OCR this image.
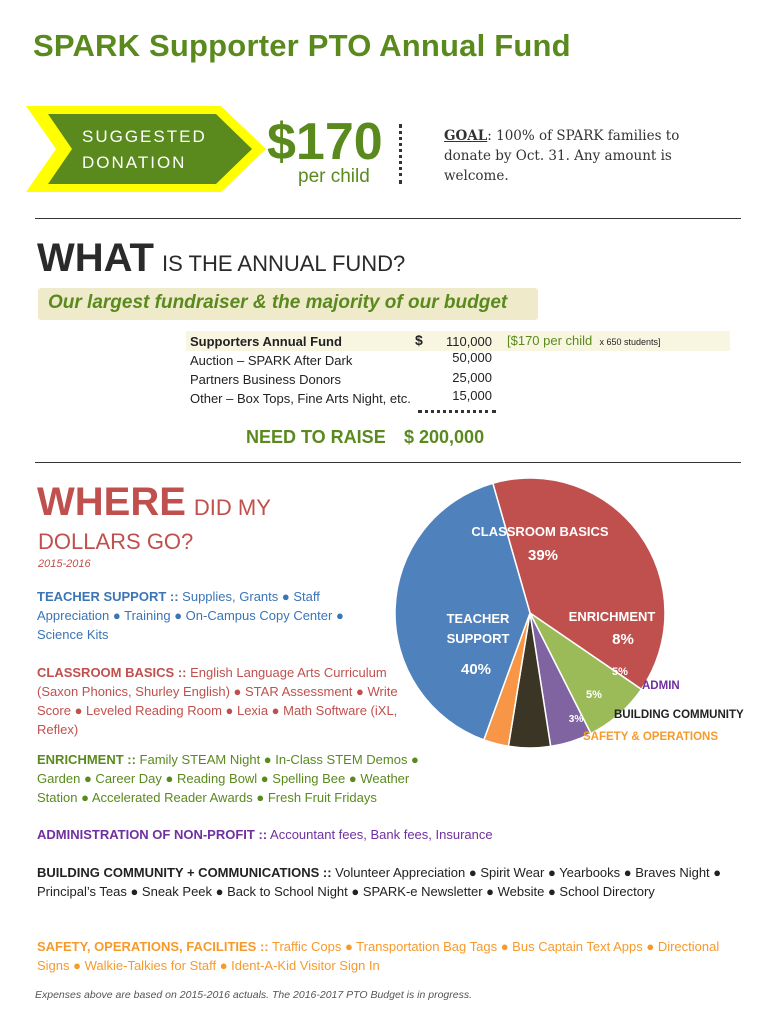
SPARK Supporter PTO Annual Fund
SUGGESTED
DONATION	$170
per child
GOAL: 100% of SPARK families to donate by Oct. 31. Any amount is welcome.
WHAT IS THE ANNUAL FUND?
Our largest fundraiser & the majority of our budget
Supporters Annual Fund
Auction – SPARK After Dark
Partners Business Donors
Other – Box Tops, Fine Arts Night, etc.
$	110,000
50,000
25,000
15,000
[$170 per child x 650 students]
NEED TO RAISE $ 200,000
WHERE DID MY
DOLLARS GO?
2015-2016
TEACHER SUPPORT :: Supplies, Grants ● Staff Appreciation ● Training ● On-Campus Copy Center ● Science Kits
CLASSROOM BASICS :: English Language Arts Curriculum (Saxon Phonics, Shurley English) ● STAR Assessment ● Write Score ● Leveled Reading Room ● Lexia ● Math Software (iXL, Reflex)
ENRICHMENT :: Family STEAM Night ● In-Class STEM Demos ● Garden ● Career Day ● Reading Bowl ● Spelling Bee ● Weather Station ● Accelerated Reader Awards ● Fresh Fruit Fridays
ADMINISTRATION OF NON-PROFIT :: Accountant fees, Bank fees, Insurance
BUILDING COMMUNITY + COMMUNICATIONS :: Volunteer Appreciation ● Spirit Wear ● Yearbooks ● Braves Night ● Principal’s Teas ● Sneak Peek ● Back to School Night ● SPARK-e Newsletter ● Website ● School Directory
SAFETY, OPERATIONS, FACILITIES :: Traffic Cops ● Transportation Bag Tags ● Bus Captain Text Apps ● Directional Signs ● Walkie-Talkies for Staff ● Ident-A-Kid Visitor Sign In
Expenses above are based on 2015-2016 actuals. The 2016-2017 PTO Budget is in progress.
CLASSROOM BASICS
39%
TEACHER
SUPPORT
40%
ENRICHMENT
8%
5%
5%
3%
ADMIN
BUILDING COMMUNITY
SAFETY & OPERATIONS
